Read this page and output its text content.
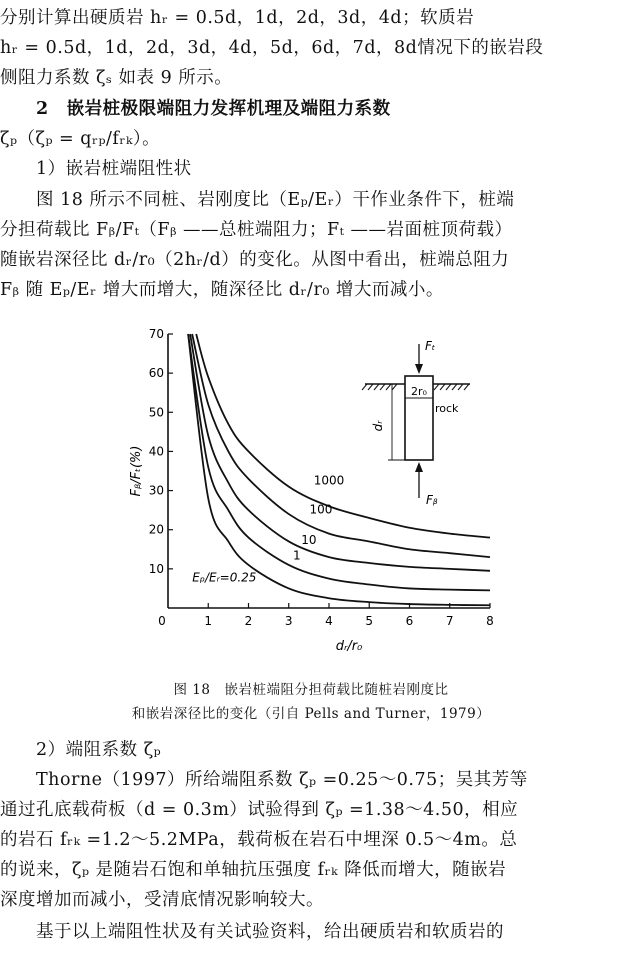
分别计算出硬质岩 hᵣ = 0.5d，1d，2d，3d，4d；软质岩
hᵣ = 0.5d，1d，2d，3d，4d，5d，6d，7d，8d情况下的嵌岩段
侧阻力系数 ζₛ 如表 9 所示。
2　嵌岩桩极限端阻力发挥机理及端阻力系数
ζₚ（ζₚ = qᵣₚ/fᵣₖ）。
1）嵌岩桩端阻性状
图 18 所示不同桩、岩刚度比（Eₚ/Eᵣ）干作业条件下，桩端
分担荷载比 Fᵦ/Fₜ（Fᵦ ——总桩端阻力；Fₜ ——岩面桩顶荷载）
随嵌岩深径比 dᵣ/r₀（2hᵣ/d）的变化。从图中看出，桩端总阻力
Fᵦ 随 Eₚ/Eᵣ 增大而增大，随深径比 dᵣ/r₀ 增大而减小。
0	1	2	3	4	5	6	7	8
10
20
30
40
50
60
70
dᵣ/r₀
Fᵦ/Fₜ(%)	1000
100
10
1
Eₚ/Eᵣ=0.25
Fₜ
Fᵦ
2r₀
rock
dᵣ
图 18　嵌岩桩端阻分担荷载比随桩岩刚度比
和嵌岩深径比的变化（引自 Pells and Turner，1979）
2）端阻系数 ζₚ
Thorne（1997）所给端阻系数 ζₚ =0.25～0.75；吴其芳等
通过孔底载荷板（d = 0.3m）试验得到 ζₚ =1.38～4.50，相应
的岩石 fᵣₖ =1.2～5.2MPa，载荷板在岩石中埋深 0.5～4m。总
的说来，ζₚ 是随岩石饱和单轴抗压强度 fᵣₖ 降低而增大，随嵌岩
深度增加而减小，受清底情况影响较大。
基于以上端阻性状及有关试验资料，给出硬质岩和软质岩的
